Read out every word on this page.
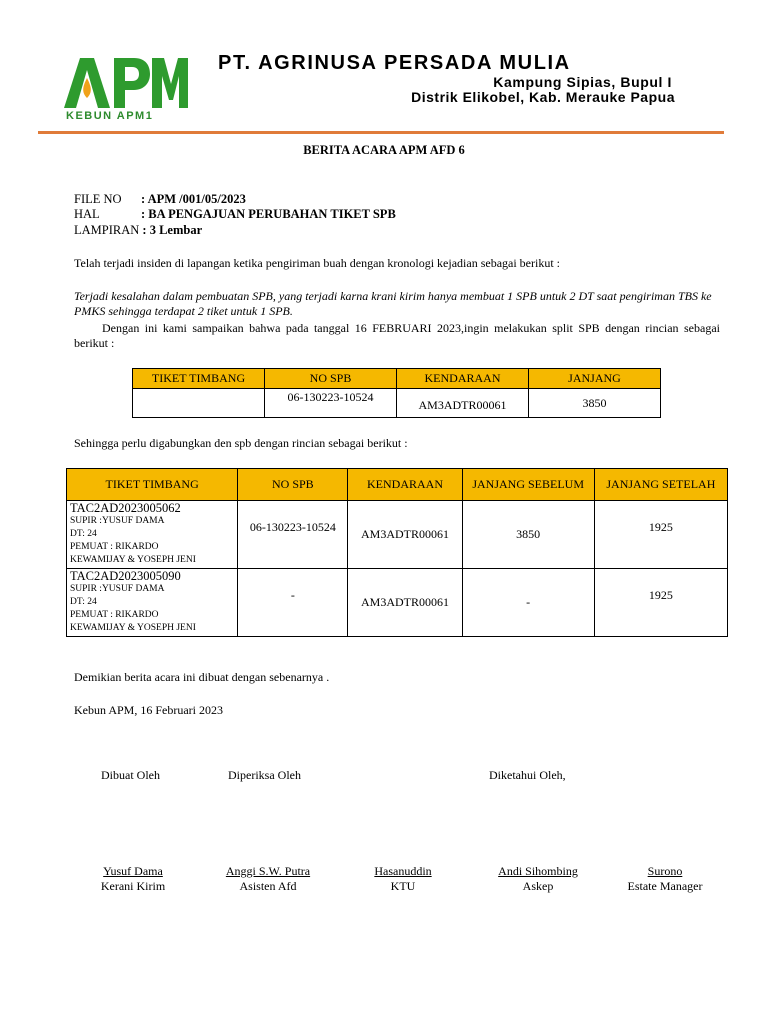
KEBUN APM1
PT. AGRINUSA PERSADA MULIA
Kampung Sipias, Bupul I
Distrik Elikobel, Kab. Merauke Papua
BERITA ACARA APM AFD 6
FILE NO : APM /001/05/2023
HAL	: BA PENGAJUAN PERUBAHAN TIKET SPB
LAMPIRAN : 3 Lembar
Telah terjadi insiden di lapangan ketika pengiriman buah dengan kronologi kejadian sebagai berikut :
Terjadi kesalahan dalam pembuatan SPB, yang terjadi karna krani kirim hanya membuat 1 SPB untuk 2 DT saat pengiriman TBS ke PMKS sehingga terdapat 2 tiket untuk 1 SPB.
Dengan ini kami sampaikan bahwa pada tanggal 16 FEBRUARI 2023,ingin melakukan split SPB dengan rincian sebagai berikut :
TIKET TIMBANG	NO SPB	KENDARAAN	JANJANG
	06-130223-10524	AM3ADTR00061	3850
Sehingga perlu digabungkan den spb dengan rincian sebagai berikut :
TIKET TIMBANG	NO SPB	KENDARAAN	JANJANG SEBELUM	JANJANG SETELAH

TAC2AD2023005062
SUPIR :YUSUF DAMA
DT: 24
PEMUAT : RIKARDO
KEWAMIJAY & YOSEPH JENI	06-130223-10524	AM3ADTR00061	3850	1925

TAC2AD2023005090
SUPIR :YUSUF DAMA
DT: 24
PEMUAT : RIKARDO
KEWAMIJAY & YOSEPH JENI	-	AM3ADTR00061	-	1925
Demikian berita acara ini dibuat dengan sebenarnya .
Kebun APM, 16 Februari 2023
Dibuat Oleh	Diperiksa Oleh	Diketahui Oleh,
Yusuf Dama
Kerani Kirim
Anggi S.W. Putra
Asisten Afd
Hasanuddin
KTU
Andi Sihombing
Askep
Surono
Estate Manager
